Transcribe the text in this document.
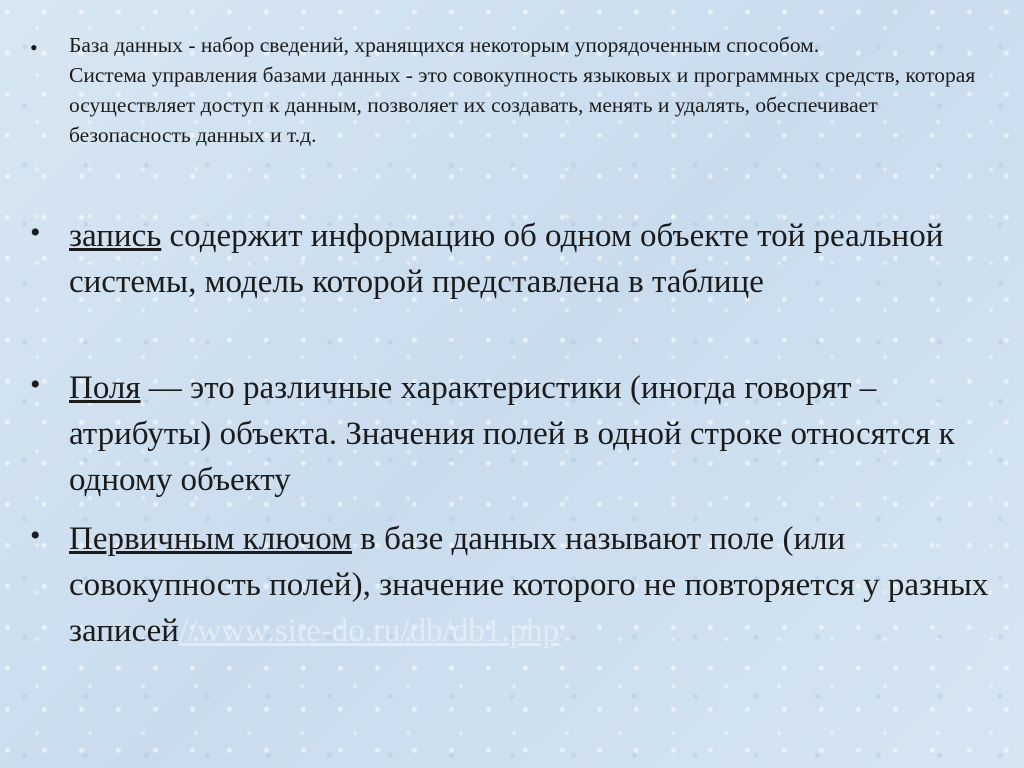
• База данных - набор сведений, хранящихся некоторым упорядоченным способом.
Система управления базами данных - это совокупность языковых и программных средств, которая осуществляет доступ к данным, позволяет их создавать, менять и удалять, обеспечивает безопасность данных и т.д.
• запись содержит информацию об одном объекте той реальной системы, модель которой представлена в таблице
• Поля — это различные характеристики (иногда говорят – атрибуты) объекта. Значения полей в одной строке относятся к одному объекту
• Первичным ключом в базе данных называют поле (или совокупность полей), значение которого не повторяется у разных записей//www.site-do.ru/db/db1.php
